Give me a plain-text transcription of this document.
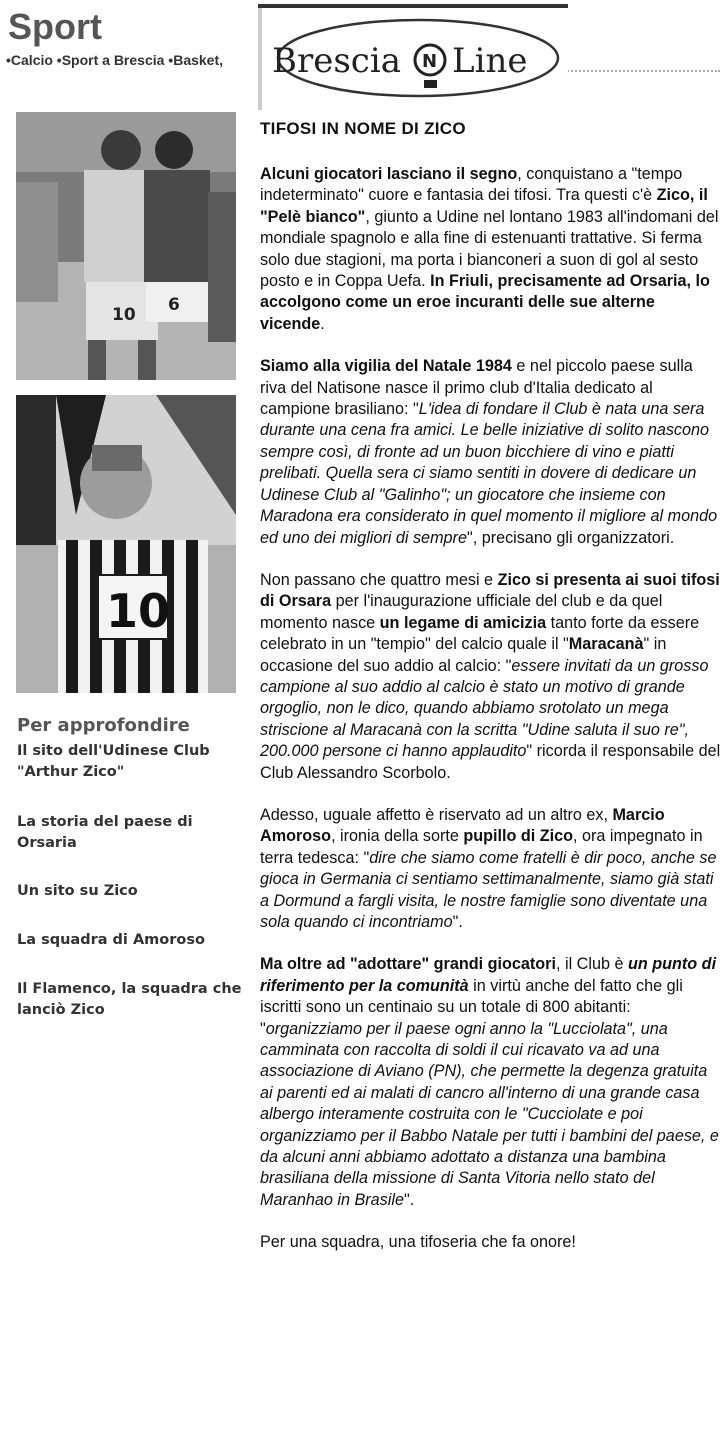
Sport
•Calcio •Sport a Brescia •Basket, Brescia N Line
10 6
10
Per approfondire
Il sito dell'Udinese Club "Arthur Zico"
La storia del paese di Orsaria
Un sito su Zico
La squadra di Amoroso
Il Flamenco, la squadra che lanciò Zico
TIFOSI IN NOME DI ZICO

Alcuni giocatori lasciano il segno, conquistano a "tempo indeterminato" cuore e fantasia dei tifosi. Tra questi c'è Zico, il "Pelè bianco", giunto a Udine nel lontano 1983 all'indomani del mondiale spagnolo e alla fine di estenuanti trattative. Si ferma solo due stagioni, ma porta i bianconeri a suon di gol al sesto posto e in Coppa Uefa. In Friuli, precisamente ad Orsaria, lo accolgono come un eroe incuranti delle sue alterne vicende.

Siamo alla vigilia del Natale 1984 e nel piccolo paese sulla riva del Natisone nasce il primo club d'Italia dedicato al campione brasiliano: "L'idea di fondare il Club è nata una sera durante una cena fra amici. Le belle iniziative di solito nascono sempre così, di fronte ad un buon bicchiere di vino e piatti prelibati. Quella sera ci siamo sentiti in dovere di dedicare un Udinese Club al "Galinho"; un giocatore che insieme con Maradona era considerato in quel momento il migliore al mondo ed uno dei migliori di sempre", precisano gli organizzatori.

Non passano che quattro mesi e Zico si presenta ai suoi tifosi di Orsara per l'inaugurazione ufficiale del club e da quel momento nasce un legame di amicizia tanto forte da essere celebrato in un "tempio" del calcio quale il "Maracanà" in occasione del suo addio al calcio: "essere invitati da un grosso campione al suo addio al calcio è stato un motivo di grande orgoglio, non le dico, quando abbiamo srotolato un mega striscione al Maracanà con la scritta "Udine saluta il suo re", 200.000 persone ci hanno applaudito" ricorda il responsabile del Club Alessandro Scorbolo.

Adesso, uguale affetto è riservato ad un altro ex, Marcio Amoroso, ironia della sorte pupillo di Zico, ora impegnato in terra tedesca: "dire che siamo come fratelli è dir poco, anche se gioca in Germania ci sentiamo settimanalmente, siamo già stati a Dormund a fargli visita, le nostre famiglie sono diventate una sola quando ci incontriamo".

Ma oltre ad "adottare" grandi giocatori, il Club è un punto di riferimento per la comunità in virtù anche del fatto che gli iscritti sono un centinaio su un totale di 800 abitanti: "organizziamo per il paese ogni anno la "Lucciolata", una camminata con raccolta di soldi il cui ricavato va ad una associazione di Aviano (PN), che permette la degenza gratuita ai parenti ed ai malati di cancro all'interno di una grande casa albergo interamente costruita con le "Cucciolate e poi organizziamo per il Babbo Natale per tutti i bambini del paese, e da alcuni anni abbiamo adottato a distanza una bambina brasiliana della missione di Santa Vitoria nello stato del Maranhao in Brasile".

Per una squadra, una tifoseria che fa onore!
